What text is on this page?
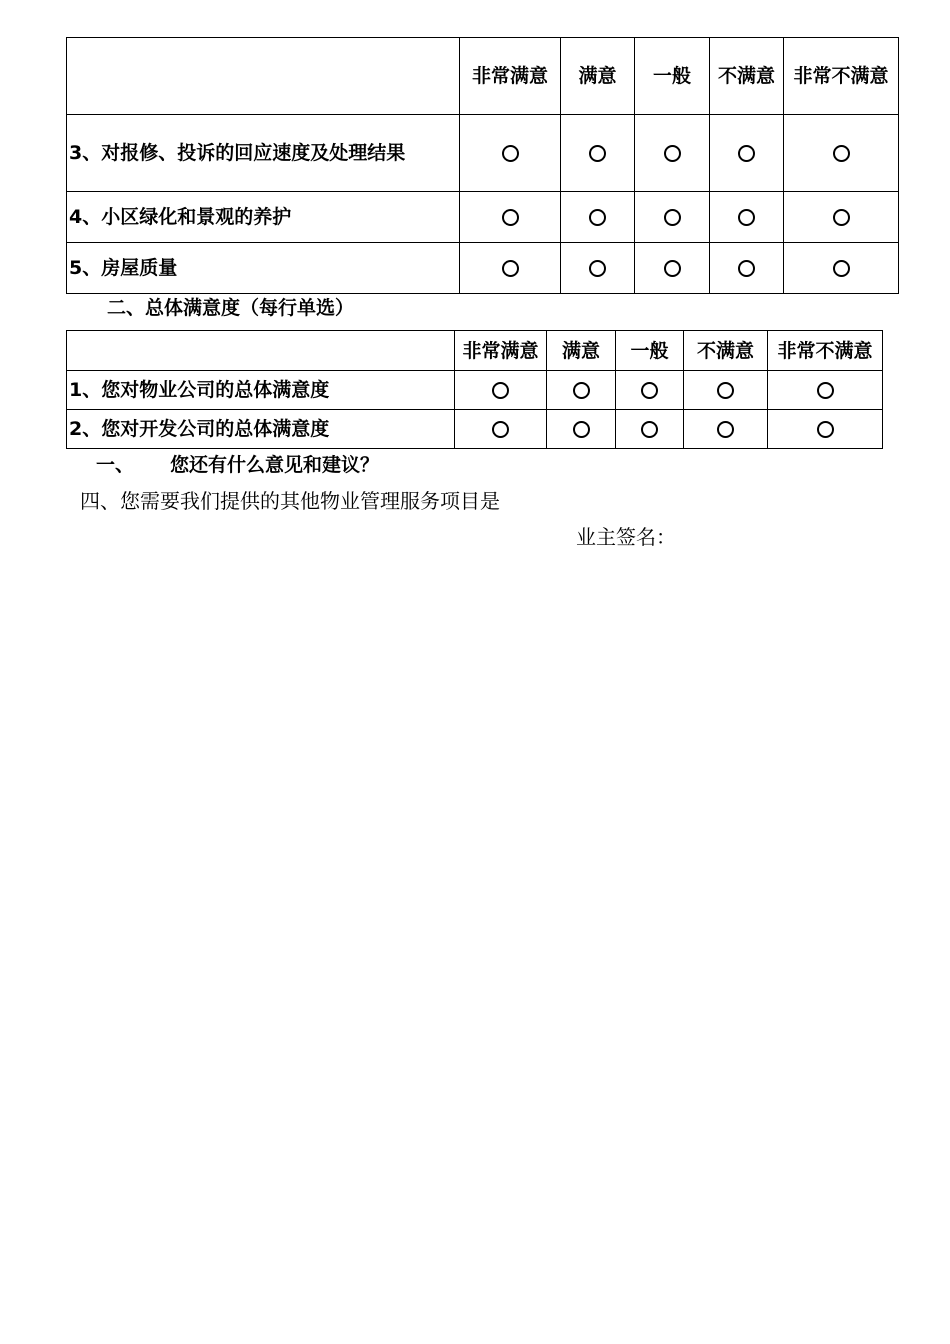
	非常满意	满意	一般	不满意	非常不满意
3、对报修、投诉的回应速度及处理结果					
4、小区绿化和景观的养护					
5、房屋质量					
二、总体满意度（每行单选）
	非常满意	满意	一般	不满意	非常不满意
1、您对物业公司的总体满意度					
2、您对开发公司的总体满意度					
一、 您还有什么意见和建议？
四、您需要我们提供的其他物业管理服务项目是
业主签名：
